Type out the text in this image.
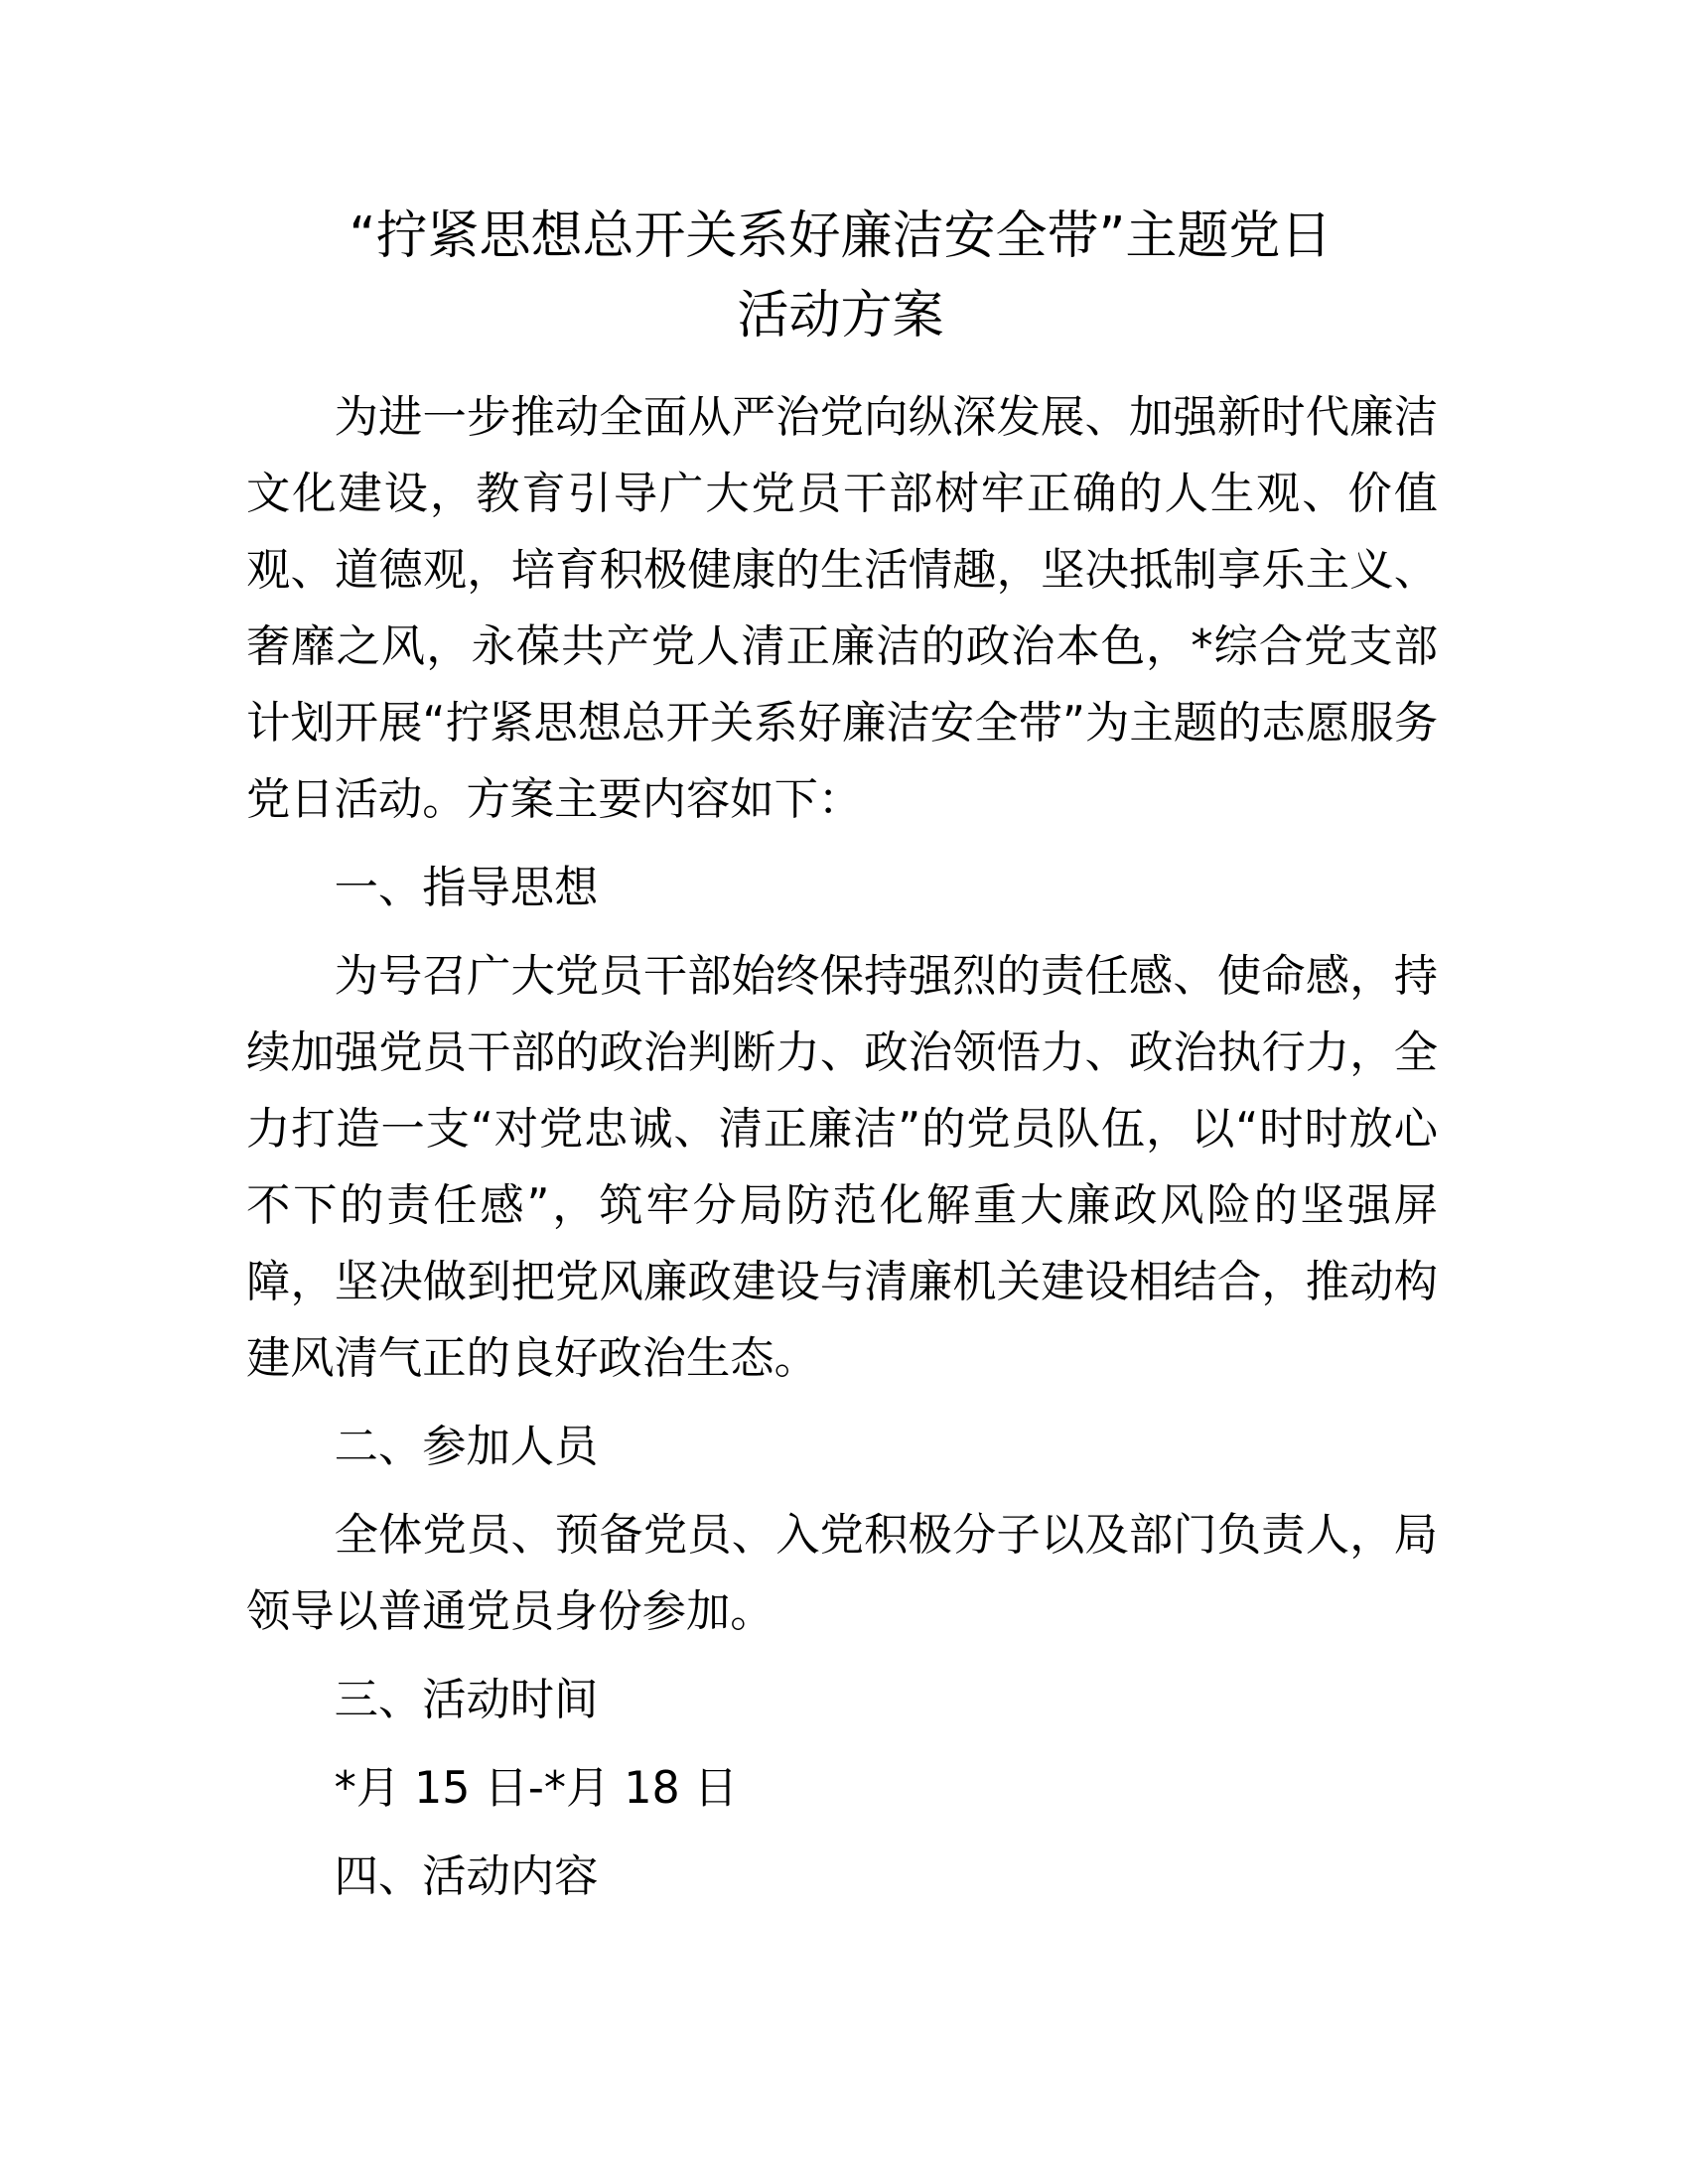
“拧紧思想总开关系好廉洁安全带”主题党日
活动方案

为进一步推动全面从严治党向纵深发展、加强新时代廉洁文化建设，教育引导广大党员干部树牢正确的人生观、价值观、道德观，培育积极健康的生活情趣，坚决抵制享乐主义、奢靡之风，永葆共产党人清正廉洁的政治本色，*综合党支部计划开展“拧紧思想总开关系好廉洁安全带”为主题的志愿服务党日活动。方案主要内容如下：

一、指导思想

为号召广大党员干部始终保持强烈的责任感、使命感，持续加强党员干部的政治判断力、政治领悟力、政治执行力，全力打造一支“对党忠诚、清正廉洁”的党员队伍，以“时时放心不下的责任感”，筑牢分局防范化解重大廉政风险的坚强屏障，坚决做到把党风廉政建设与清廉机关建设相结合，推动构建风清气正的良好政治生态。

二、参加人员

全体党员、预备党员、入党积极分子以及部门负责人，局领导以普通党员身份参加。

三、活动时间

*月 15 日-*月 18 日

四、活动内容
